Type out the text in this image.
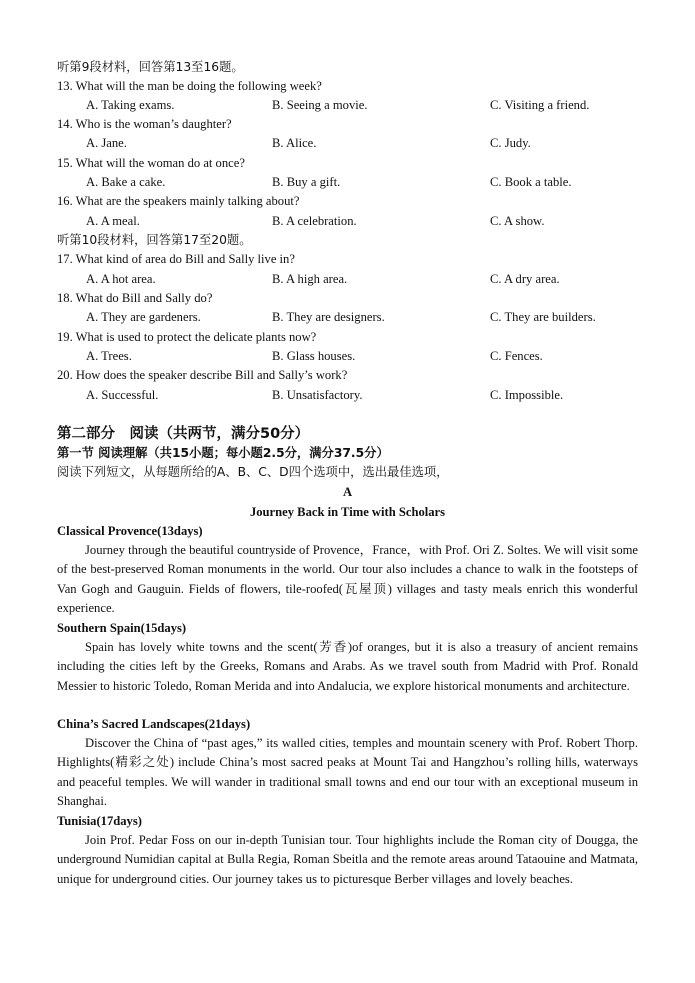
听第9段材料，回答第13至16题。
13. What will the man be doing the following week?
A. Taking exams.	B. Seeing a movie.	C. Visiting a friend.
14. Who is the woman’s daughter?
A. Jane.	B. Alice.	C. Judy.
15. What will the woman do at once?
A. Bake a cake.	B. Buy a gift.	C. Book a table.
16. What are the speakers mainly talking about?
A. A meal.	B. A celebration.	C. A show.
听第10段材料，回答第17至20题。
17. What kind of area do Bill and Sally live in?
A. A hot area.	B. A high area.	C. A dry area.
18. What do Bill and Sally do?
A. They are gardeners.	B. They are designers.	C. They are builders.
19. What is used to protect the delicate plants now?
A. Trees.	B. Glass houses.	C. Fences.
20. How does the speaker describe Bill and Sally’s work?
A. Successful.	B. Unsatisfactory.	C. Impossible.
第二部分　阅读（共两节，满分50分）
第一节 阅读理解（共15小题；每小题2.5分，满分37.5分）
阅读下列短文，从每题所给的A、B、C、D四个选项中，选出最佳选项，
A
Journey Back in Time with Scholars
Classical Provence(13days)
Journey through the beautiful countryside of Provence，France，with Prof. Ori Z. Soltes. We will visit some of the best-preserved Roman monuments in the world. Our tour also includes a chance to walk in the footsteps of Van Gogh and Gauguin. Fields of flowers, tile-roofed(瓦屋顶) villages and tasty meals enrich this wonderful experience.
Southern Spain(15days)
Spain has lovely white towns and the scent(芳香)of oranges, but it is also a treasury of ancient remains including the cities left by the Greeks, Romans and Arabs. As we travel south from Madrid with Prof. Ronald Messier to historic Toledo, Roman Merida and into Andalucia, we explore historical monuments and architecture.
China’s Sacred Landscapes(21days)
Discover the China of “past ages,” its walled cities, temples and mountain scenery with Prof. Robert Thorp. Highlights(精彩之处) include China’s most sacred peaks at Mount Tai and Hangzhou’s rolling hills, waterways and peaceful temples. We will wander in traditional small towns and end our tour with an exceptional museum in Shanghai.
Tunisia(17days)
Join Prof. Pedar Foss on our in-depth Tunisian tour. Tour highlights include the Roman city of Dougga, the underground Numidian capital at Bulla Regia, Roman Sbeitla and the remote areas around Tataouine and Matmata, unique for underground cities. Our journey takes us to picturesque Berber villages and lovely beaches.
